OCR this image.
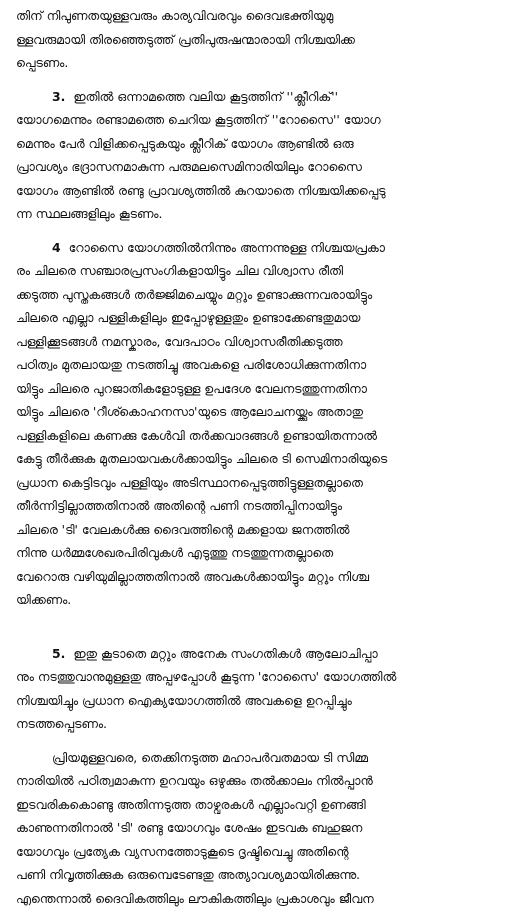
തിന് നിപുണതയുള്ളവരും കാര്യവിവരവും ദൈവഭക്തിയുമു
ള്ളവരുമായി തിരഞ്ഞെടുത്ത് പ്രതിപുരുഷന്മാരായി നിശ്ചയിക്ക
പ്പെടണം.

3. ഇതിൽ ഒന്നാമത്തെ വലിയ കൂട്ടത്തിന് ''ക്ലീറിക്''
യോഗമെന്നും രണ്ടാമത്തെ ചെറിയ കൂട്ടത്തിന് ''റോസൈ'' യോഗ
മെന്നും പേർ വിളിക്കപ്പെടുകയും ക്ലീറിക് യോഗം ആണ്ടിൽ ഒരു
പ്രാവശ്യം ഭദ്രാസനമാകുന്ന പരുമലസെമിനാരിയിലും റോസൈ
യോഗം ആണ്ടിൽ രണ്ടു പ്രാവശ്യത്തിൽ കുറയാതെ നിശ്ചയിക്കപ്പെടു
ന്ന സ്ഥലങ്ങളിലും കൂടണം.

4 റോസൈ യോഗത്തിൽനിന്നും അന്നന്നുള്ള നിശ്ചയപ്രകാ
രം ചിലരെ സഞ്ചാരപ്രസംഗികളായിട്ടും ചില വിശ്വാസ രീതി
ക്കടുത്ത പുസ്തകങ്ങൾ തർജ്ജിമചെയ്യും മറ്റും ഉണ്ടാക്കുന്നവരായിട്ടും
ചിലരെ എല്ലാ പള്ളികളിലും ഇപ്പോഴുള്ളതും ഉണ്ടാക്കേണ്ടതുമായ
പള്ളിക്കൂടങ്ങൾ നമസ്കാരം, വേദപാഠം വിശ്വാസരീതിക്കടുത്ത
പഠിത്വം മുതലായതു നടത്തിച്ചു അവകളെ പരിശോധിക്കുന്നതിനാ
യിട്ടും ചിലരെ പുറജാതികളോടുള്ള ഉപദേശ വേലനടത്തുന്നതിനാ
യിട്ടും ചിലരെ 'റീശ്കൊഹനസാ'യുടെ ആലോചനയ്ക്കും അതാതു
പള്ളികളിലെ കണക്കു കേൾവി തർക്കവാദങ്ങൾ ഉണ്ടായിതന്നാൽ
കേട്ടു തീർക്കുക മുതലായവകൾക്കായിട്ടും ചിലരെ ടി സെമിനാരിയുടെ
പ്രധാന കെട്ടിടവും പള്ളിയും അടിസ്ഥാനപ്പെടുത്തിട്ടുള്ളതല്ലാതെ
തീർന്നിട്ടില്ലാത്തതിനാൽ അതിന്റെ പണി നടത്തിപ്പിനായിട്ടും
ചിലരെ 'ടി' വേലകൾക്കു ദൈവത്തിന്റെ മക്കളായ ജനത്തിൽ
നിന്നു ധർമ്മശേഖരപിരിവുകൾ എടുത്തു നടത്തുന്നതല്ലാതെ
വേറൊരു വഴിയുമില്ലാത്തതിനാൽ അവകൾക്കായിട്ടും മറ്റും നിശ്ച
യിക്കണം.

5. ഇതു കൂടാതെ മറ്റും അനേക സംഗതികൾ ആലോചിപ്പാ
നും നടത്തുവാനുമുള്ളതു അപ്പഴപ്പോൾ കൂടുന്ന 'റോസൈ' യോഗത്തിൽ
നിശ്ചയിച്ചും പ്രധാന ഐക്യയോഗത്തിൽ അവകളെ ഉറപ്പിച്ചും
നടത്തപ്പെടണം.

പ്രിയമുള്ളവരെ, തെക്കിനടുത്ത മഹാപർവതമായ ടി സിമ്മ
നാരിയിൽ പഠിത്വമാകുന്ന ഉറവയും ഒഴുക്കും തൽക്കാലം നിൽപ്പാൻ
ഇടവരികകൊണ്ടു അതിന്നടുത്ത താഴ്വരകൾ എല്ലാംവറ്റി ഉണങ്ങി
കാണുന്നതിനാൽ 'ടി' രണ്ടു യോഗവും ശേഷം ഇടവക ബഹുജന
യോഗവും പ്രത്യേക വ്യസനത്തോടുകൂടെ ദൃഷ്ടിവെച്ചു അതിന്റെ
പണി നിവൃത്തിക്കുക ഒരുമ്പെടേണ്ടതു അത്യാവശ്യമായിരിക്കുന്നു.
എന്തെന്നാൽ ദൈവികത്തിലും ലൗകികത്തിലും പ്രകാശവും ജീവന
